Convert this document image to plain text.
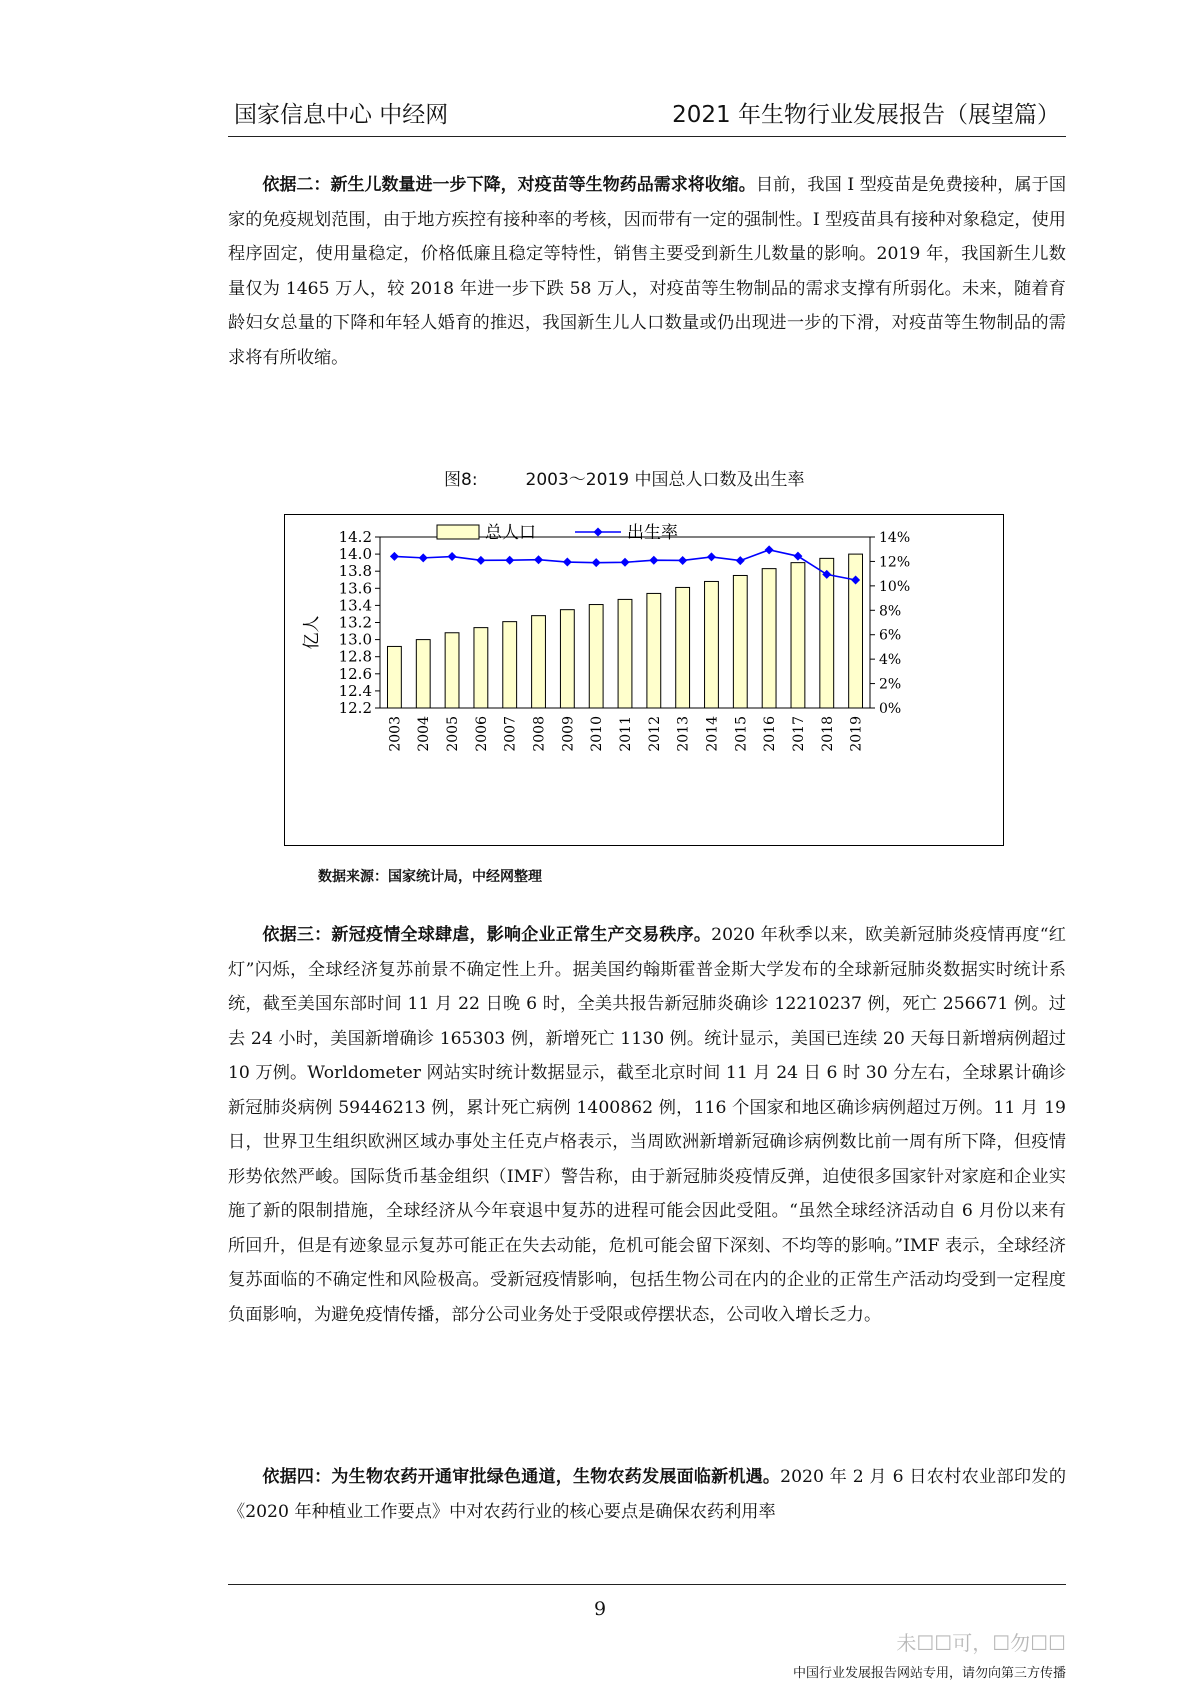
国家信息中心 中经网	2021 年生物行业发展报告（展望篇）

依据二：新生儿数量进一步下降，对疫苗等生物药品需求将收缩。目前，我国 I 型疫苗是免费接种，属于国家的免疫规划范围，由于地方疾控有接种率的考核，因而带有一定的强制性。I 型疫苗具有接种对象稳定，使用程序固定，使用量稳定，价格低廉且稳定等特性，销售主要受到新生儿数量的影响。2019 年，我国新生儿数量仅为 1465 万人，较 2018 年进一步下跌 58 万人，对疫苗等生物制品的需求支撑有所弱化。未来，随着育龄妇女总量的下降和年轻人婚育的推迟，我国新生儿人口数量或仍出现进一步的下滑，对疫苗等生物制品的需求将有所收缩。

图8:	2003～2019 中国总人口数及出生率
12.2
12.4
12.6
12.8
13.0
13.2
13.4
13.6
13.8
14.0
14.2
0%
2%
4%
6%
8%
10%
12%
14%
亿人
2003 2004 2005 2006 2007 2008 2009 2010 2011 2012 2013 2014 2015 2016 2017 2018 2019
总人口	出生率
数据来源：国家统计局，中经网整理

依据三：新冠疫情全球肆虐，影响企业正常生产交易秩序。2020 年秋季以来，欧美新冠肺炎疫情再度“红灯”闪烁，全球经济复苏前景不确定性上升。据美国约翰斯霍普金斯大学发布的全球新冠肺炎数据实时统计系统，截至美国东部时间 11 月 22 日晚 6 时，全美共报告新冠肺炎确诊 12210237 例，死亡 256671 例。过去 24 小时，美国新增确诊 165303 例，新增死亡 1130 例。统计显示，美国已连续 20 天每日新增病例超过 10 万例。Worldometer 网站实时统计数据显示，截至北京时间 11 月 24 日 6 时 30 分左右，全球累计确诊新冠肺炎病例 59446213 例，累计死亡病例 1400862 例，116 个国家和地区确诊病例超过万例。11 月 19 日，世界卫生组织欧洲区域办事处主任克卢格表示，当周欧洲新增新冠确诊病例数比前一周有所下降，但疫情形势依然严峻。国际货币基金组织（IMF）警告称，由于新冠肺炎疫情反弹，迫使很多国家针对家庭和企业实施了新的限制措施，全球经济从今年衰退中复苏的进程可能会因此受阻。“虽然全球经济活动自 6 月份以来有所回升，但是有迹象显示复苏可能正在失去动能，危机可能会留下深刻、不均等的影响。”IMF 表示，全球经济复苏面临的不确定性和风险极高。受新冠疫情影响，包括生物公司在内的企业的正常生产活动均受到一定程度负面影响，为避免疫情传播，部分公司业务处于受限或停摆状态，公司收入增长乏力。

依据四：为生物农药开通审批绿色通道，生物农药发展面临新机遇。2020 年 2 月 6 日农村农业部印发的《2020 年种植业工作要点》中对农药行业的核心要点是确保农药利用率

9
未☐☐可，☐勿☐☐
中国行业发展报告网站专用，请勿向第三方传播
